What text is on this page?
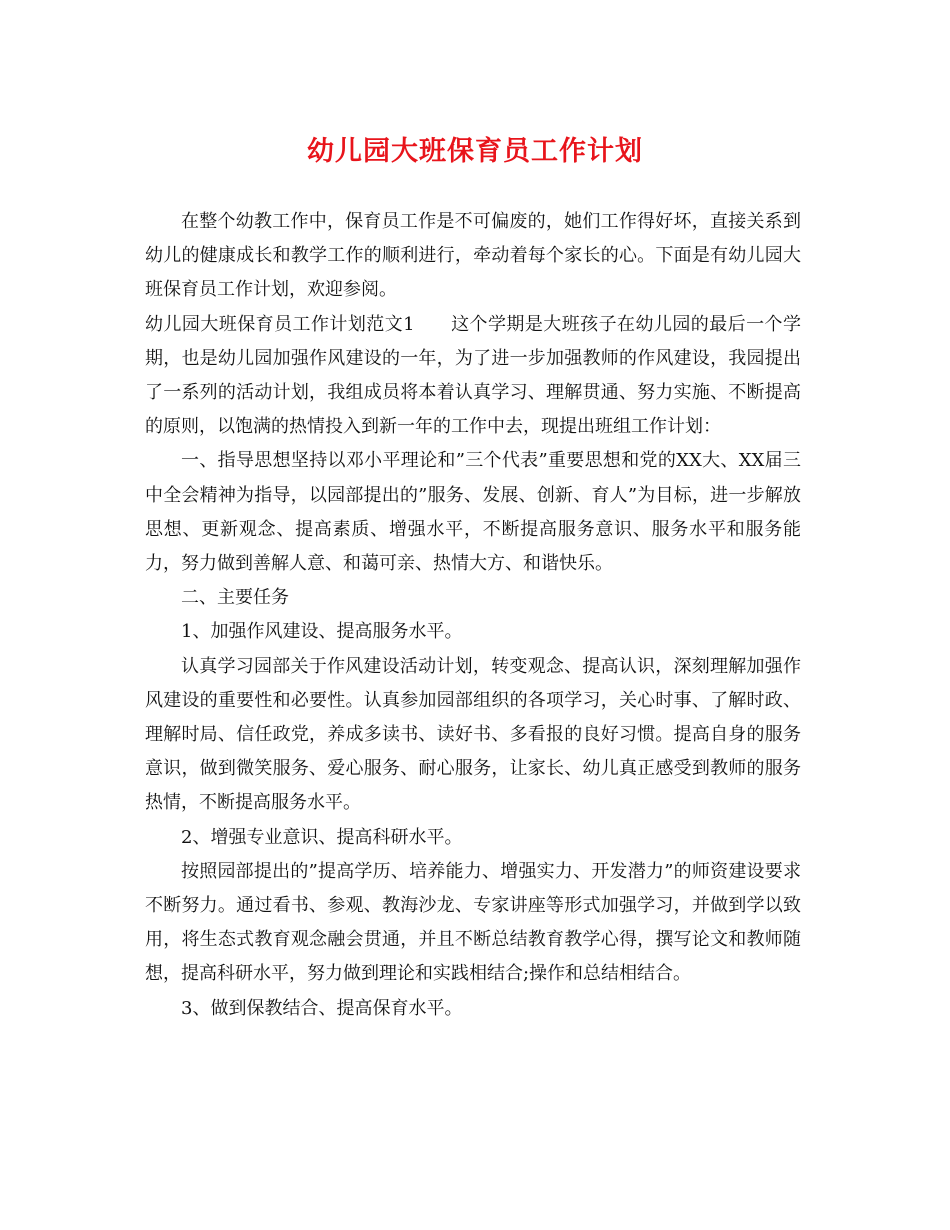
幼儿园大班保育员工作计划

在整个幼教工作中，保育员工作是不可偏废的，她们工作得好坏，直接关系到幼儿的健康成长和教学工作的顺利进行，牵动着每个家长的心。下面是有幼儿园大班保育员工作计划，欢迎参阅。

幼儿园大班保育员工作计划范文1 这个学期是大班孩子在幼儿园的最后一个学期，也是幼儿园加强作风建设的一年，为了进一步加强教师的作风建设，我园提出了一系列的活动计划，我组成员将本着认真学习、理解贯通、努力实施、不断提高的原则，以饱满的热情投入到新一年的工作中去，现提出班组工作计划：

一、指导思想坚持以邓小平理论和”三个代表”重要思想和党的XX大、XX届三中全会精神为指导，以园部提出的”服务、发展、创新、育人”为目标，进一步解放思想、更新观念、提高素质、增强水平，不断提高服务意识、服务水平和服务能力，努力做到善解人意、和蔼可亲、热情大方、和谐快乐。

二、主要任务

1、加强作风建设、提高服务水平。

认真学习园部关于作风建设活动计划，转变观念、提高认识，深刻理解加强作风建设的重要性和必要性。认真参加园部组织的各项学习，关心时事、了解时政、理解时局、信任政党，养成多读书、读好书、多看报的良好习惯。提高自身的服务意识，做到微笑服务、爱心服务、耐心服务，让家长、幼儿真正感受到教师的服务热情，不断提高服务水平。

2、增强专业意识、提高科研水平。

按照园部提出的”提高学历、培养能力、增强实力、开发潜力”的师资建设要求不断努力。通过看书、参观、教海沙龙、专家讲座等形式加强学习，并做到学以致用，将生态式教育观念融会贯通，并且不断总结教育教学心得，撰写论文和教师随想，提高科研水平，努力做到理论和实践相结合;操作和总结相结合。

3、做到保教结合、提高保育水平。
